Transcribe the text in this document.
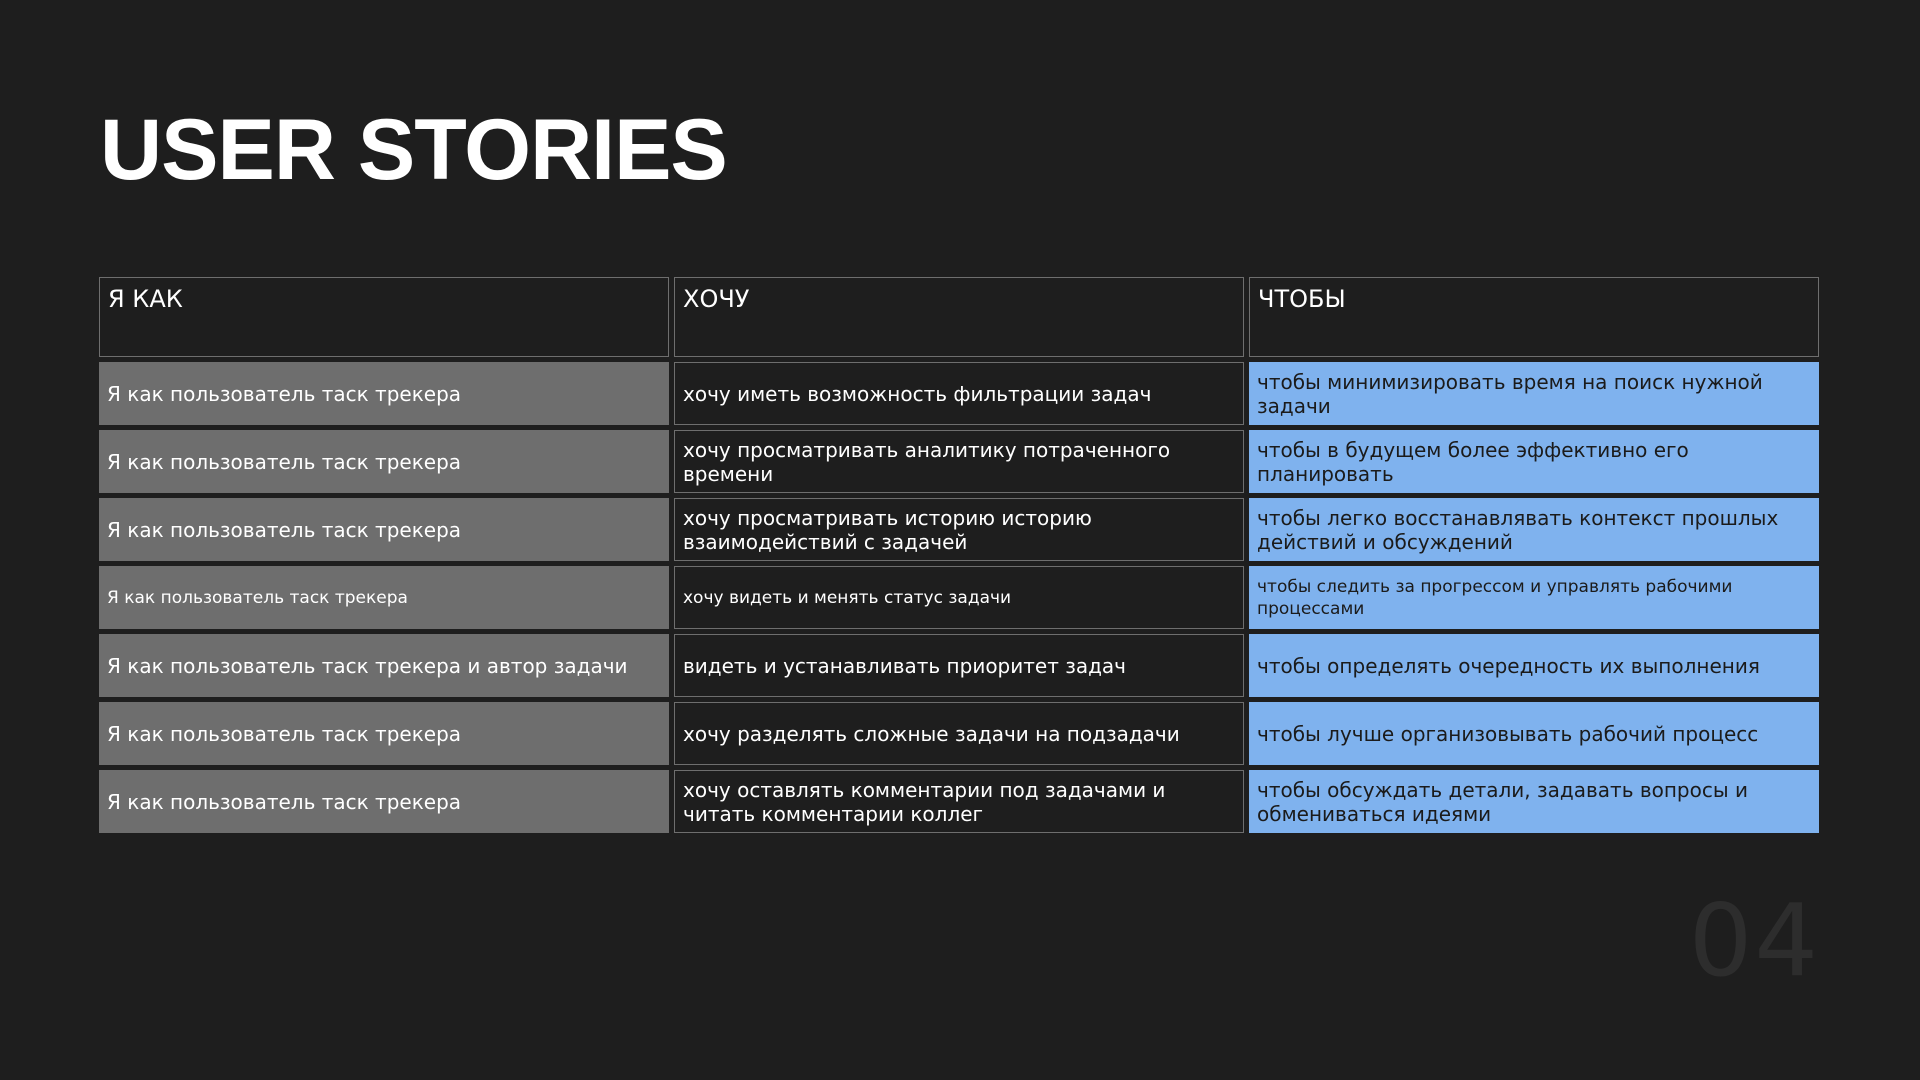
USER STORIES
Я КАК	ХОЧУ	ЧТОБЫ
Я как пользователь таск трекера	хочу иметь возможность фильтрации задач	чтобы минимизировать время на поиск нужной задачи
Я как пользователь таск трекера	хочу просматривать аналитику потраченного времени	чтобы в будущем более эффективно его планировать
Я как пользователь таск трекера	хочу просматривать историю историю взаимодействий с задачей	чтобы легко восстанавлявать контекст прошлых действий и обсуждений
Я как пользователь таск трекера	хочу видеть и менять статус задачи	чтобы следить за прогрессом и управлять рабочими процессами
Я как пользователь таск трекера и автор задачи	видеть и устанавливать приоритет задач	чтобы определять очередность их выполнения
Я как пользователь таск трекера	хочу разделять сложные задачи на подзадачи	чтобы лучше организовывать рабочий процесс
Я как пользователь таск трекера	хочу оставлять комментарии под задачами и читать комментарии коллег	чтобы обсуждать детали, задавать вопросы и обмениваться идеями
04
